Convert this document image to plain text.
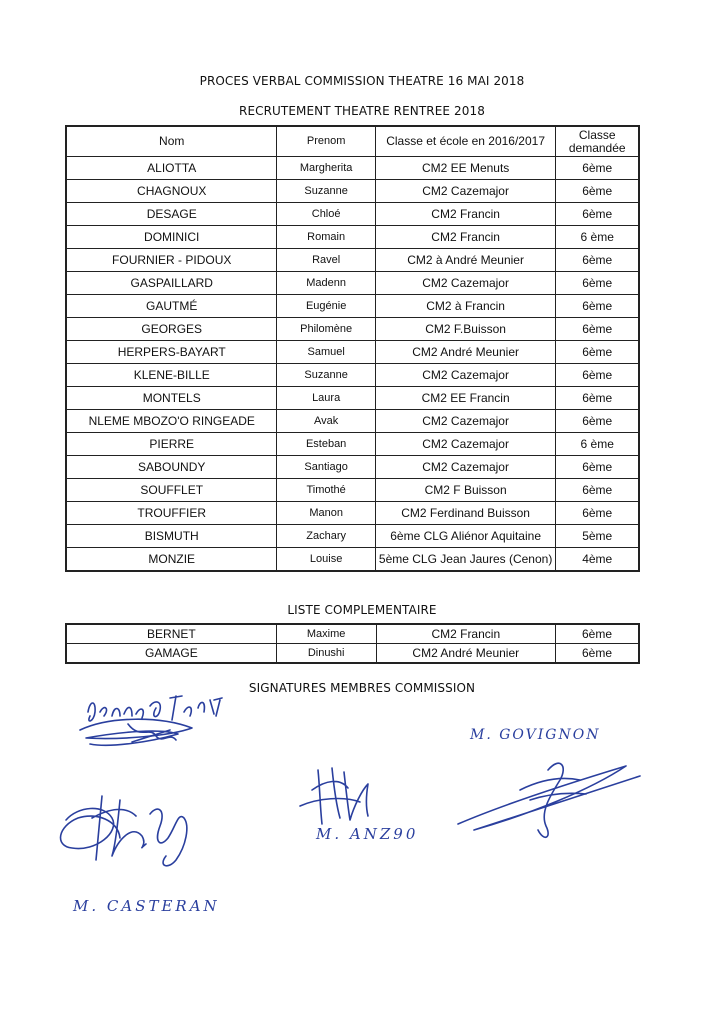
PROCES VERBAL COMMISSION THEATRE 16 MAI 2018
RECRUTEMENT THEATRE RENTREE 2018
Nom	Prenom	Classe et école en 2016/2017	Classe
demandée
ALIOTTA	Margherita	CM2 EE Menuts	6ème
CHAGNOUX	Suzanne	CM2 Cazemajor	6ème
DESAGE	Chloé	CM2 Francin	6ème
DOMINICI	Romain	CM2 Francin	6 ème
FOURNIER - PIDOUX	Ravel	CM2 à André Meunier	6ème
GASPAILLARD	Madenn	CM2 Cazemajor	6ème
GAUTMÉ	Eugénie	CM2 à Francin	6ème
GEORGES	Philomène	CM2 F.Buisson	6ème
HERPERS-BAYART	Samuel	CM2 André Meunier	6ème
KLENE-BILLE	Suzanne	CM2 Cazemajor	6ème
MONTELS	Laura	CM2 EE Francin	6ème
NLEME MBOZO'O RINGEADE	Avak	CM2 Cazemajor	6ème
PIERRE	Esteban	CM2 Cazemajor	6 ème
SABOUNDY	Santiago	CM2 Cazemajor	6ème
SOUFFLET	Timothé	CM2 F Buisson	6ème
TROUFFIER	Manon	CM2 Ferdinand Buisson	6ème
BISMUTH	Zachary	6ème CLG Aliénor Aquitaine	5ème
MONZIE	Louise	5ème CLG Jean Jaures (Cenon)	4ème
LISTE COMPLEMENTAIRE
BERNET	Maxime	CM2 Francin	6ème
GAMAGE	Dinushi	CM2 André Meunier	6ème
SIGNATURES MEMBRES COMMISSION
M. GOVIGNON
M. ANZ90
M. CASTERAN
